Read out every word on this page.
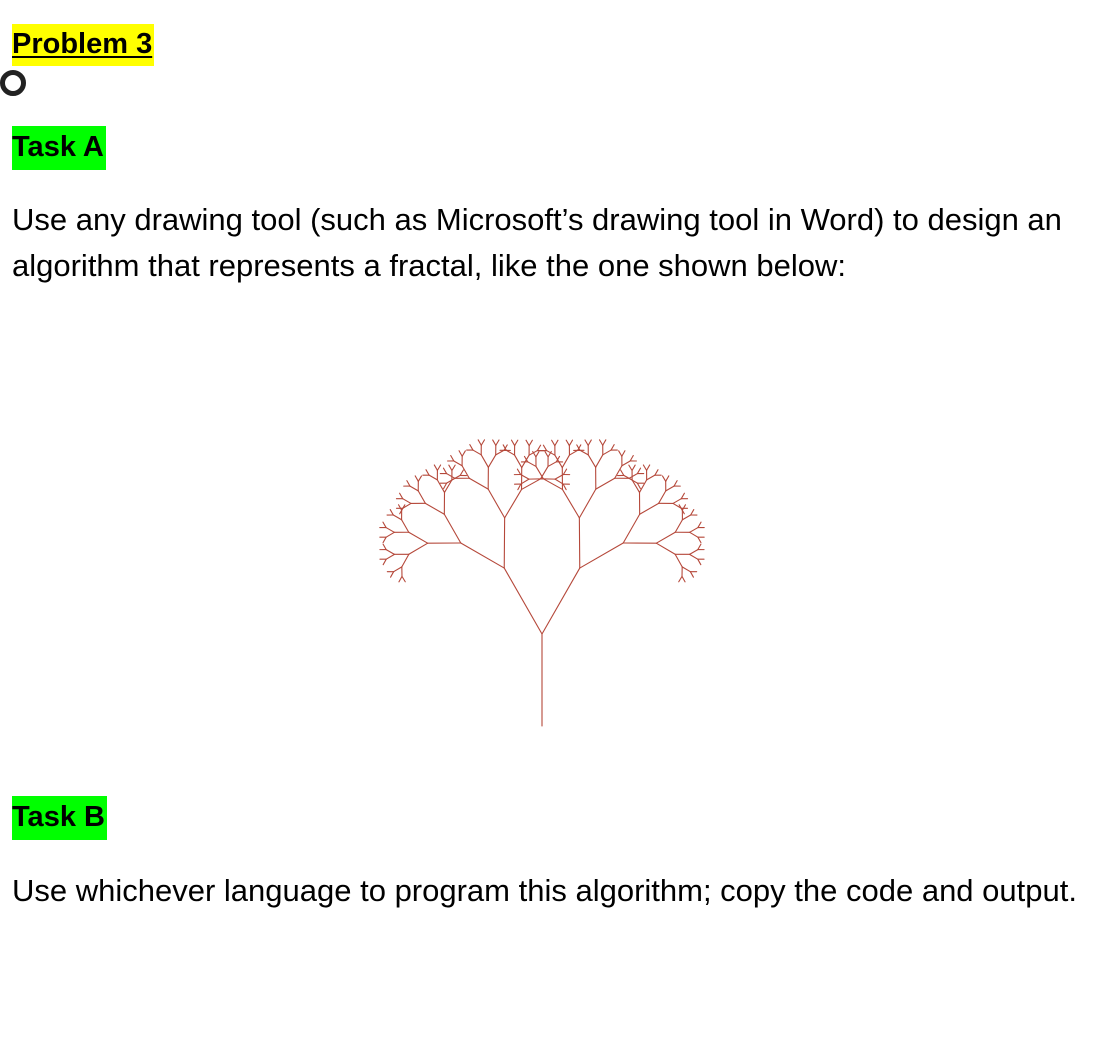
Problem 3
Task A
Use any drawing tool (such as Microsoft’s drawing tool in Word) to design an algorithm that represents a fractal, like the one shown below:
Task B
Use whichever language to program this algorithm; copy the code and output.
